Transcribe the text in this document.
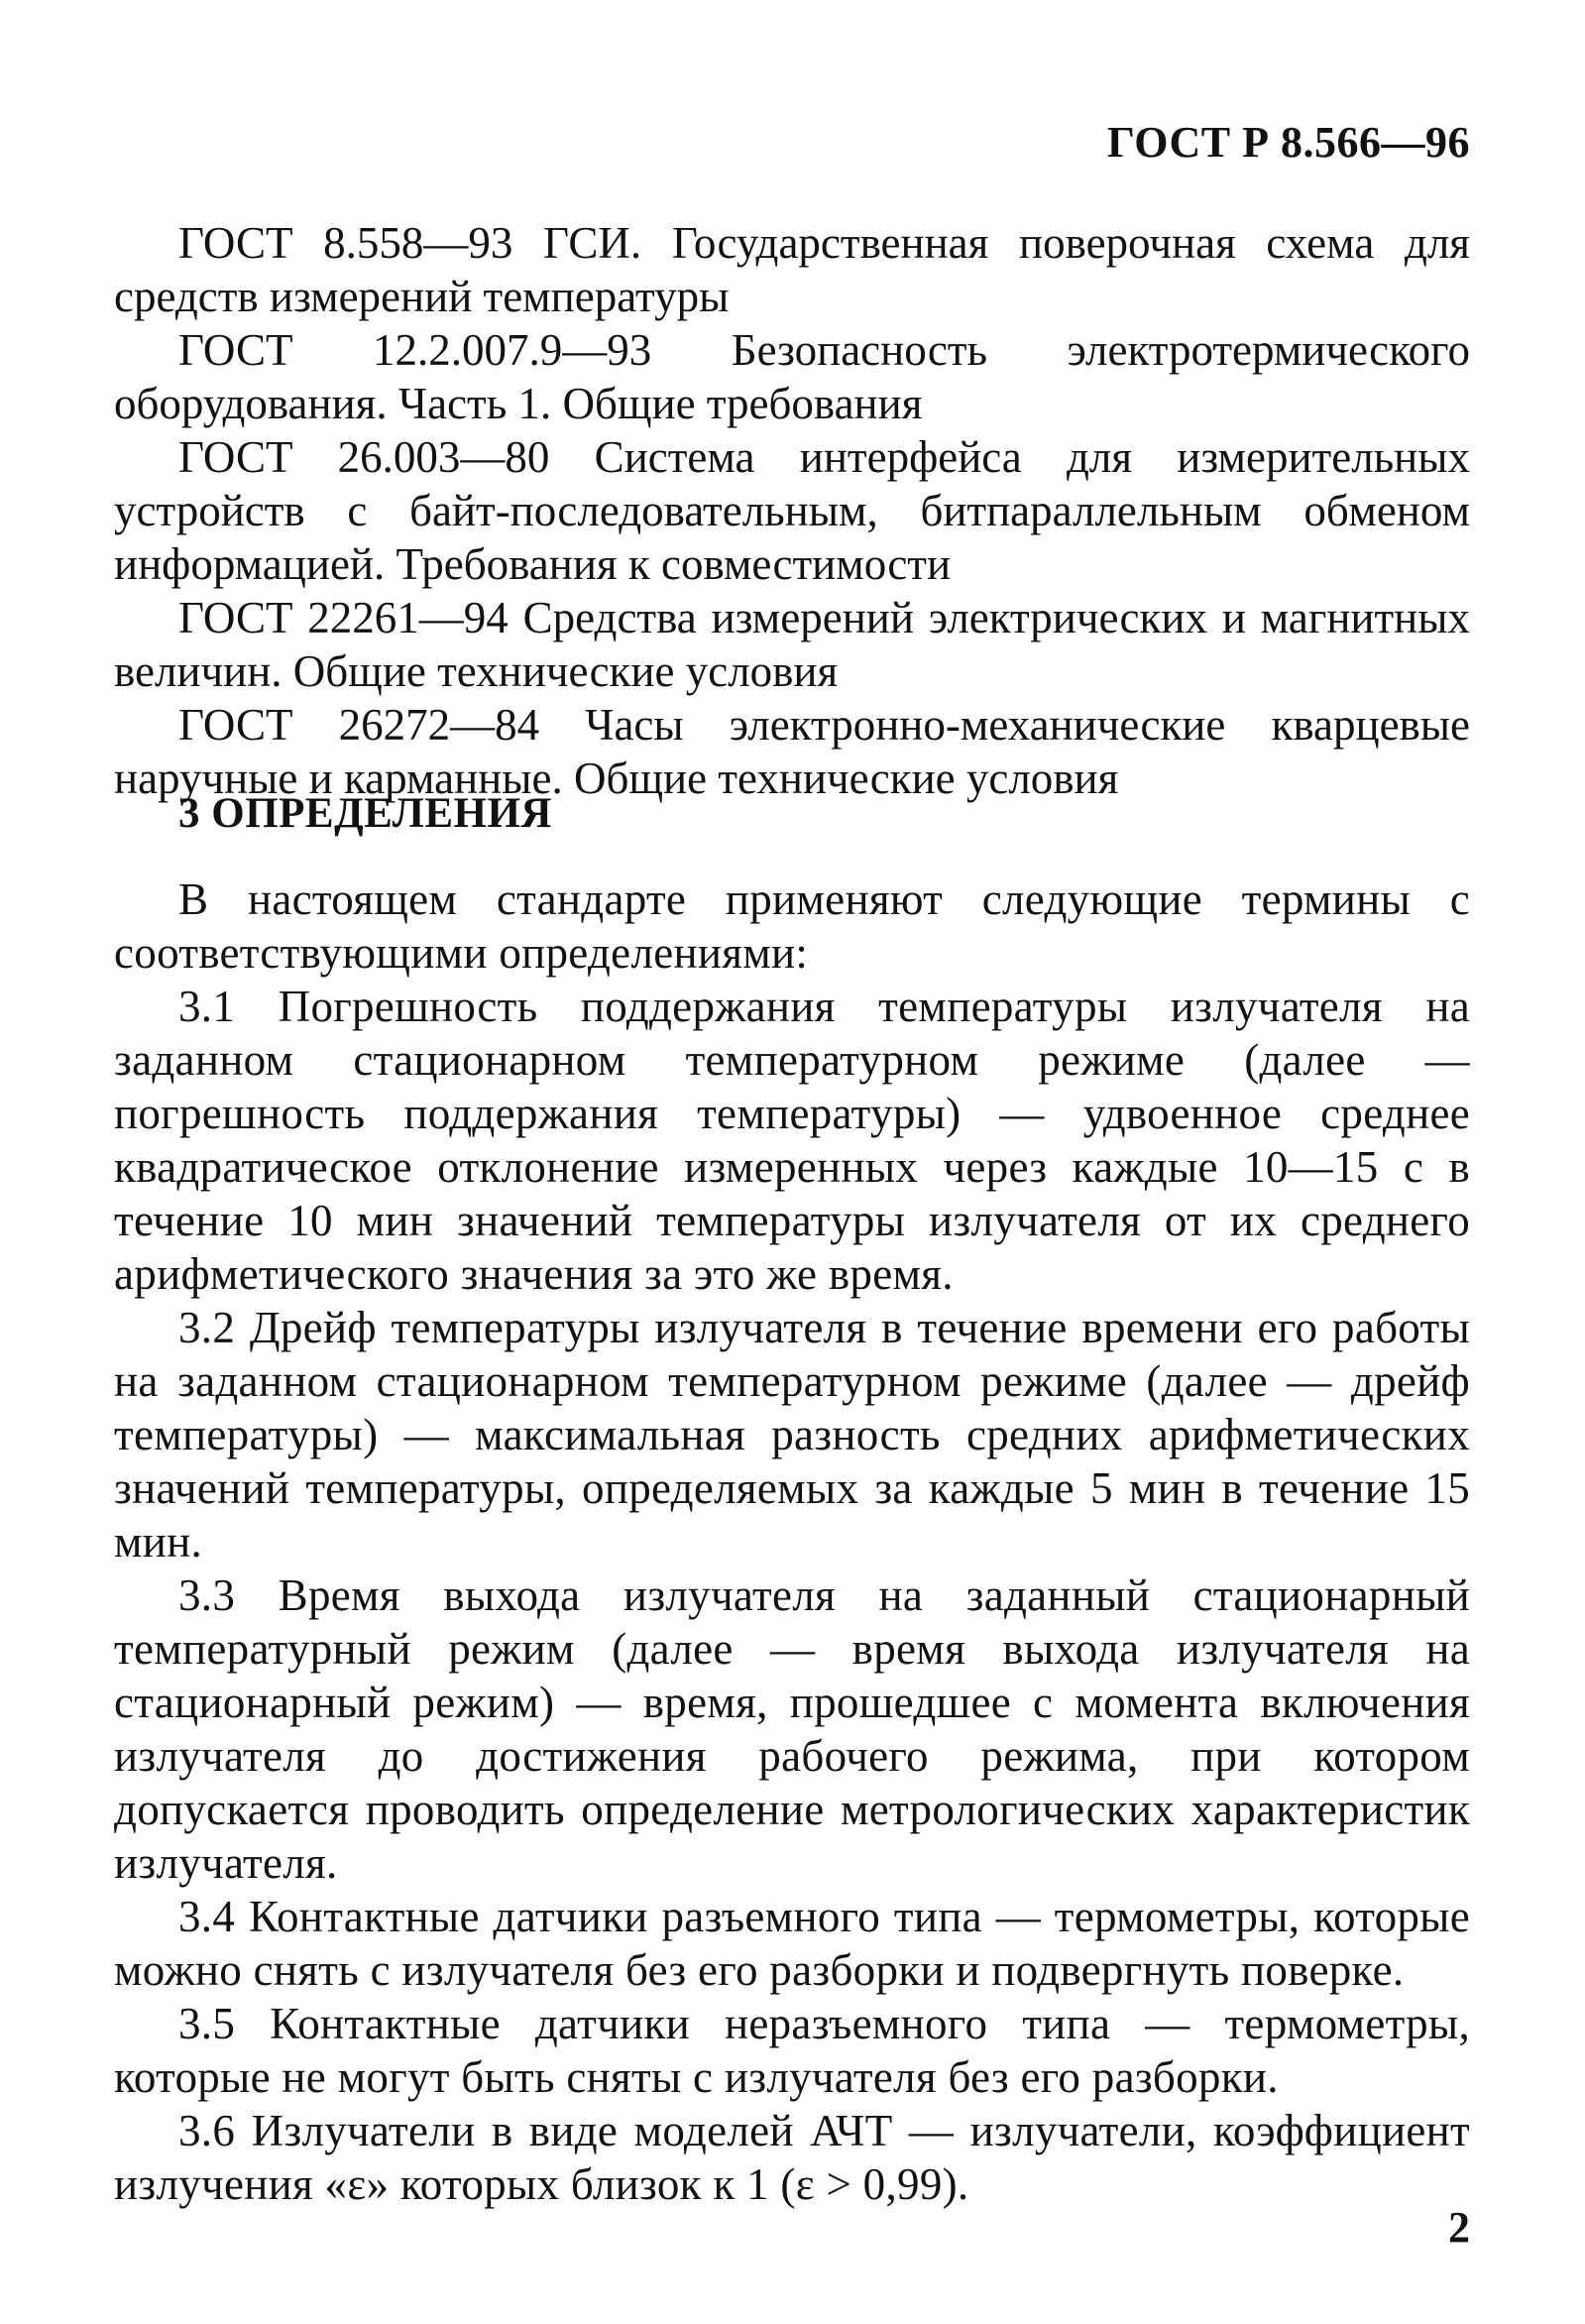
ГОСТ Р 8.566—96

ГОСТ 8.558—93 ГСИ. Государственная поверочная схема для средств измерений температуры

ГОСТ 12.2.007.9—93 Безопасность электротермического оборудования. Часть 1. Общие требования

ГОСТ 26.003—80 Система интерфейса для измерительных устройств с байт-последовательным, битпараллельным обменом информацией. Требования к совместимости

ГОСТ 22261—94 Средства измерений электрических и магнитных величин. Общие технические условия

ГОСТ 26272—84 Часы электронно-механические кварцевые наручные и карманные. Общие технические условия

3 ОПРЕДЕЛЕНИЯ

В настоящем стандарте применяют следующие термины с соответствующими определениями:

3.1 Погрешность поддержания температуры излучателя на заданном стационарном температурном режиме (далее — погрешность поддержания температуры) — удвоенное среднее квадратическое отклонение измеренных через каждые 10—15 с в течение 10 мин значений температуры излучателя от их среднего арифметического значения за это же время.

3.2 Дрейф температуры излучателя в течение времени его работы на заданном стационарном температурном режиме (далее — дрейф температуры) — максимальная разность средних арифметических значений температуры, определяемых за каждые 5 мин в течение 15 мин.

3.3 Время выхода излучателя на заданный стационарный температурный режим (далее — время выхода излучателя на стационарный режим) — время, прошедшее с момента включения излучателя до достижения рабочего режима, при котором допускается проводить определение метрологических характеристик излучателя.

3.4 Контактные датчики разъемного типа — термометры, которые можно снять с излучателя без его разборки и подвергнуть поверке.

3.5 Контактные датчики неразъемного типа — термометры, которые не могут быть сняты с излучателя без его разборки.

3.6 Излучатели в виде моделей АЧТ — излучатели, коэффициент излучения «ε» которых близок к 1 (ε > 0,99).

2
